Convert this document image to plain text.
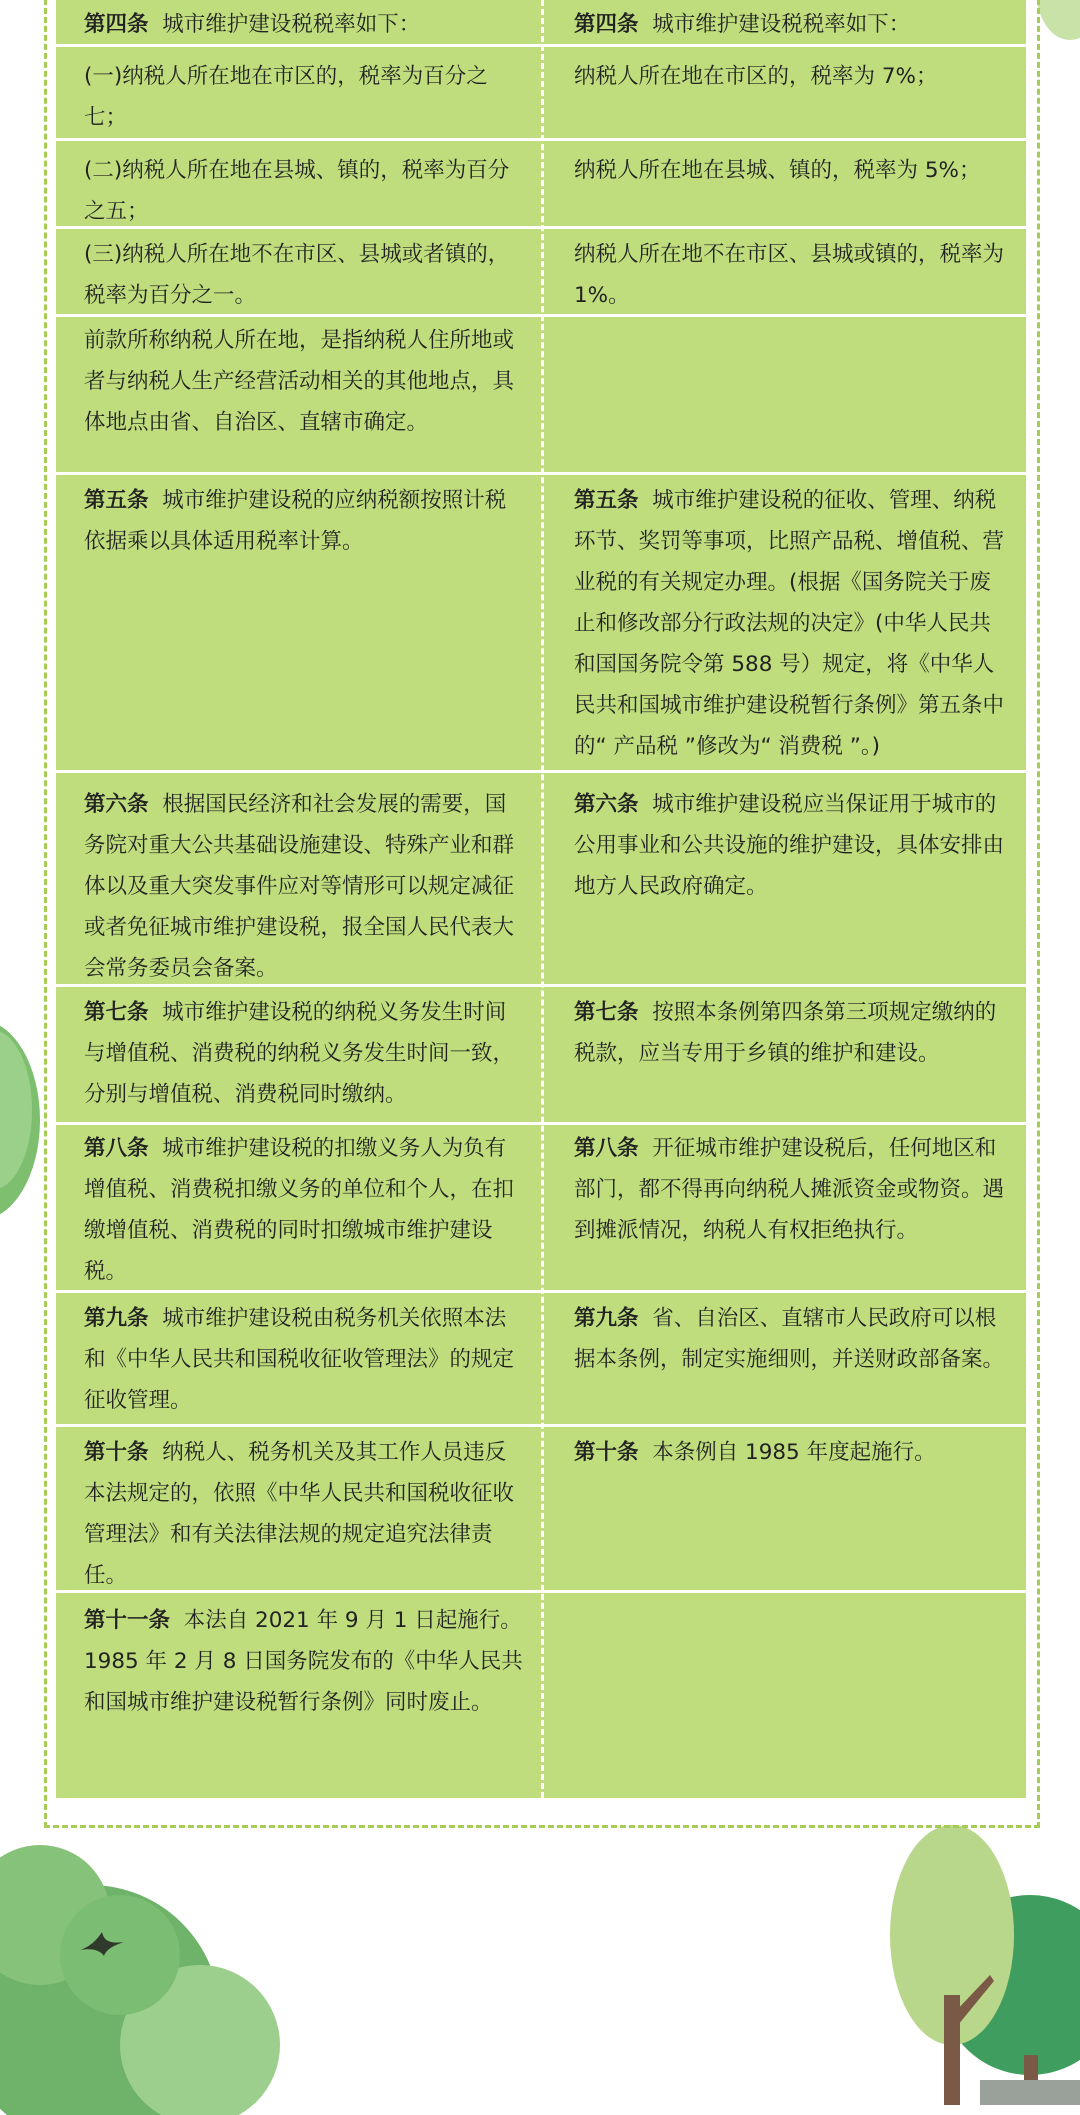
第四条 城市维护建设税税率如下：	第四条 城市维护建设税税率如下：
(一)纳税人所在地在市区的，税率为百分之七；
纳税人所在地在市区的，税率为 7%；
(二)纳税人所在地在县城、镇的，税率为百分之五；
纳税人所在地在县城、镇的，税率为 5%；
(三)纳税人所在地不在市区、县城或者镇的，税率为百分之一。
纳税人所在地不在市区、县城或镇的，税率为 1%。
前款所称纳税人所在地，是指纳税人住所地或者与纳税人生产经营活动相关的其他地点，具体地点由省、自治区、直辖市确定。
第五条 城市维护建设税的应纳税额按照计税依据乘以具体适用税率计算。
第五条 城市维护建设税的征收、管理、纳税环节、奖罚等事项，比照产品税、增值税、营业税的有关规定办理。(根据《国务院关于废止和修改部分行政法规的决定》(中华人民共和国国务院令第 588 号）规定，将《中华人民共和国城市维护建设税暂行条例》第五条中的“ 产品税 ”修改为“ 消费税 ”。)
第六条 根据国民经济和社会发展的需要，国务院对重大公共基础设施建设、特殊产业和群体以及重大突发事件应对等情形可以规定减征或者免征城市维护建设税，报全国人民代表大会常务委员会备案。
第六条 城市维护建设税应当保证用于城市的公用事业和公共设施的维护建设，具体安排由地方人民政府确定。
第七条 城市维护建设税的纳税义务发生时间与增值税、消费税的纳税义务发生时间一致，分别与增值税、消费税同时缴纳。
第七条 按照本条例第四条第三项规定缴纳的税款，应当专用于乡镇的维护和建设。
第八条 城市维护建设税的扣缴义务人为负有增值税、消费税扣缴义务的单位和个人，在扣缴增值税、消费税的同时扣缴城市维护建设税。
第八条 开征城市维护建设税后，任何地区和部门，都不得再向纳税人摊派资金或物资。遇到摊派情况，纳税人有权拒绝执行。
第九条 城市维护建设税由税务机关依照本法和《中华人民共和国税收征收管理法》的规定征收管理。
第九条 省、自治区、直辖市人民政府可以根据本条例，制定实施细则，并送财政部备案。
第十条 纳税人、税务机关及其工作人员违反本法规定的，依照《中华人民共和国税收征收管理法》和有关法律法规的规定追究法律责任。
第十条 本条例自 1985 年度起施行。
第十一条 本法自 2021 年 9 月 1 日起施行。1985 年 2 月 8 日国务院发布的《中华人民共和国城市维护建设税暂行条例》同时废止。
